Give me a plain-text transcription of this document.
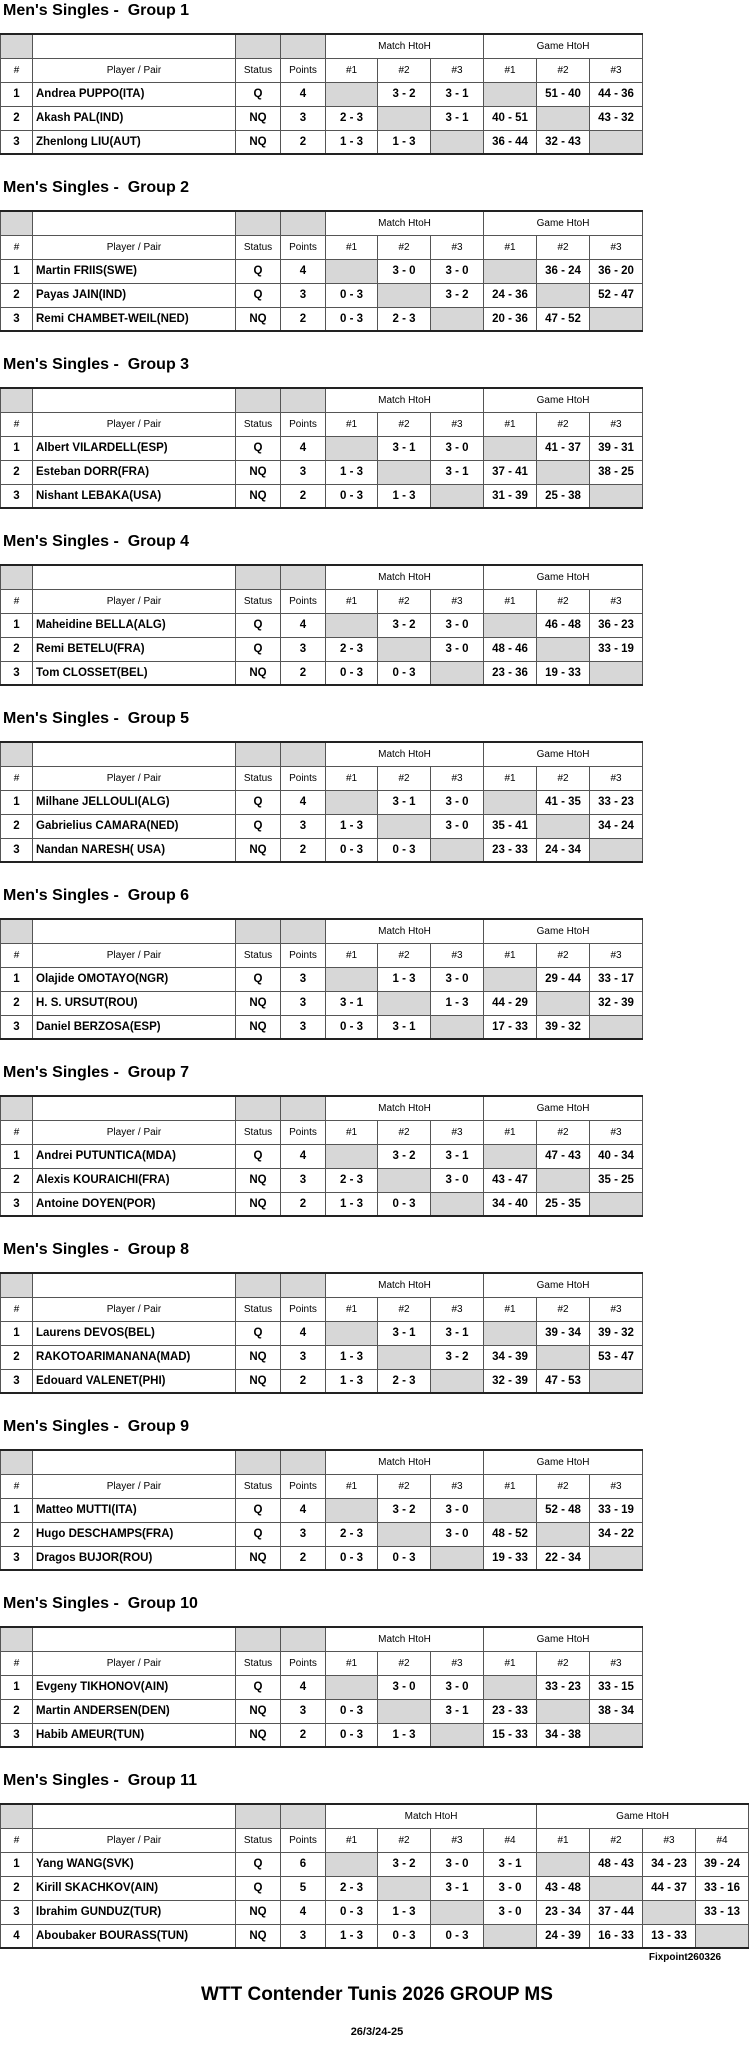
Men's Singles -  Group 1
				Match HtoH			Game HtoH		
#	Player / Pair	Status	Points	#1	#2	#3	#1	#2	#3
1	Andrea PUPPO(ITA)	Q	4		3 - 2	3 - 1		51 - 40	44 - 36
2	Akash PAL(IND)	NQ	3	2 - 3		3 - 1	40 - 51		43 - 32
3	Zhenlong LIU(AUT)	NQ	2	1 - 3	1 - 3		36 - 44	32 - 43	
Men's Singles -  Group 2
				Match HtoH			Game HtoH		
#	Player / Pair	Status	Points	#1	#2	#3	#1	#2	#3
1	Martin FRIIS(SWE)	Q	4		3 - 0	3 - 0		36 - 24	36 - 20
2	Payas JAIN(IND)	Q	3	0 - 3		3 - 2	24 - 36		52 - 47
3	Remi CHAMBET-WEIL(NED)	NQ	2	0 - 3	2 - 3		20 - 36	47 - 52	
Men's Singles -  Group 3
				Match HtoH			Game HtoH		
#	Player / Pair	Status	Points	#1	#2	#3	#1	#2	#3
1	Albert VILARDELL(ESP)	Q	4		3 - 1	3 - 0		41 - 37	39 - 31
2	Esteban DORR(FRA)	NQ	3	1 - 3		3 - 1	37 - 41		38 - 25
3	Nishant LEBAKA(USA)	NQ	2	0 - 3	1 - 3		31 - 39	25 - 38	
Men's Singles -  Group 4
				Match HtoH			Game HtoH		
#	Player / Pair	Status	Points	#1	#2	#3	#1	#2	#3
1	Maheidine BELLA(ALG)	Q	4		3 - 2	3 - 0		46 - 48	36 - 23
2	Remi BETELU(FRA)	Q	3	2 - 3		3 - 0	48 - 46		33 - 19
3	Tom CLOSSET(BEL)	NQ	2	0 - 3	0 - 3		23 - 36	19 - 33	
Men's Singles -  Group 5
				Match HtoH			Game HtoH		
#	Player / Pair	Status	Points	#1	#2	#3	#1	#2	#3
1	Milhane JELLOULI(ALG)	Q	4		3 - 1	3 - 0		41 - 35	33 - 23
2	Gabrielius CAMARA(NED)	Q	3	1 - 3		3 - 0	35 - 41		34 - 24
3	Nandan NARESH( USA)	NQ	2	0 - 3	0 - 3		23 - 33	24 - 34	
Men's Singles -  Group 6
				Match HtoH			Game HtoH		
#	Player / Pair	Status	Points	#1	#2	#3	#1	#2	#3
1	Olajide OMOTAYO(NGR)	Q	3		1 - 3	3 - 0		29 - 44	33 - 17
2	H. S. URSUT(ROU)	NQ	3	3 - 1		1 - 3	44 - 29		32 - 39
3	Daniel BERZOSA(ESP)	NQ	3	0 - 3	3 - 1		17 - 33	39 - 32	
Men's Singles -  Group 7
				Match HtoH			Game HtoH		
#	Player / Pair	Status	Points	#1	#2	#3	#1	#2	#3
1	Andrei PUTUNTICA(MDA)	Q	4		3 - 2	3 - 1		47 - 43	40 - 34
2	Alexis KOURAICHI(FRA)	NQ	3	2 - 3		3 - 0	43 - 47		35 - 25
3	Antoine DOYEN(POR)	NQ	2	1 - 3	0 - 3		34 - 40	25 - 35	
Men's Singles -  Group 8
				Match HtoH			Game HtoH		
#	Player / Pair	Status	Points	#1	#2	#3	#1	#2	#3
1	Laurens DEVOS(BEL)	Q	4		3 - 1	3 - 1		39 - 34	39 - 32
2	RAKOTOARIMANANA(MAD)	NQ	3	1 - 3		3 - 2	34 - 39		53 - 47
3	Edouard VALENET(PHI)	NQ	2	1 - 3	2 - 3		32 - 39	47 - 53	
Men's Singles -  Group 9
				Match HtoH			Game HtoH		
#	Player / Pair	Status	Points	#1	#2	#3	#1	#2	#3
1	Matteo MUTTI(ITA)	Q	4		3 - 2	3 - 0		52 - 48	33 - 19
2	Hugo DESCHAMPS(FRA)	Q	3	2 - 3		3 - 0	48 - 52		34 - 22
3	Dragos BUJOR(ROU)	NQ	2	0 - 3	0 - 3		19 - 33	22 - 34	
Men's Singles -  Group 10
				Match HtoH			Game HtoH		
#	Player / Pair	Status	Points	#1	#2	#3	#1	#2	#3
1	Evgeny TIKHONOV(AIN)	Q	4		3 - 0	3 - 0		33 - 23	33 - 15
2	Martin ANDERSEN(DEN)	NQ	3	0 - 3		3 - 1	23 - 33		38 - 34
3	Habib AMEUR(TUN)	NQ	2	0 - 3	1 - 3		15 - 33	34 - 38	
Men's Singles -  Group 11
				Match HtoH				Game HtoH			
#	Player / Pair	Status	Points	#1	#2	#3	#4	#1	#2	#3	#4
1	Yang WANG(SVK)	Q	6		3 - 2	3 - 0	3 - 1		48 - 43	34 - 23	39 - 24
2	Kirill SKACHKOV(AIN)	Q	5	2 - 3		3 - 1	3 - 0	43 - 48		44 - 37	33 - 16
3	Ibrahim GUNDUZ(TUR)	NQ	4	0 - 3	1 - 3		3 - 0	23 - 34	37 - 44		33 - 13
4	Aboubaker BOURASS(TUN)	NQ	3	1 - 3	0 - 3	0 - 3		24 - 39	16 - 33	13 - 33	
Fixpoint260326
WTT Contender Tunis 2026 GROUP MS
26/3/24-25
